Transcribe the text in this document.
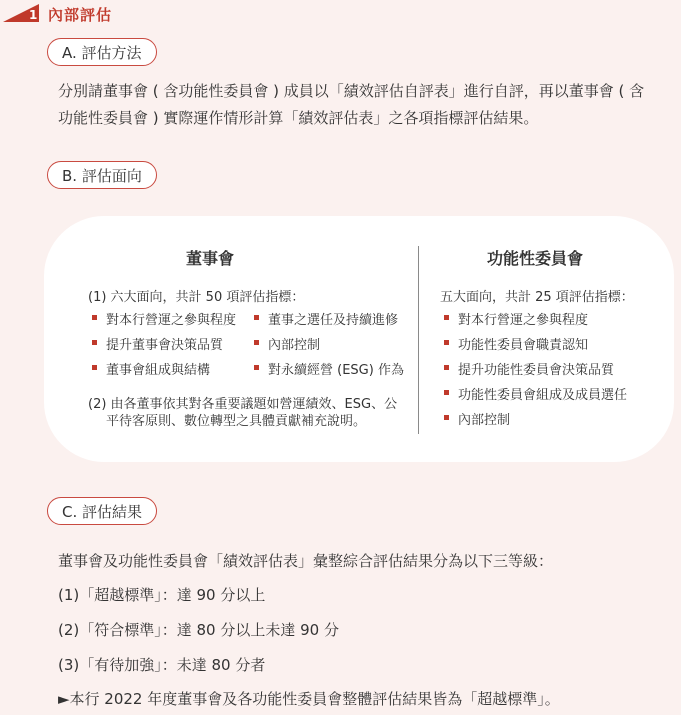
1 內部評估
A. 評估方法
分別請董事會 ( 含功能性委員會 ) 成員以「績效評估自評表」進行自評，再以董事會 ( 含
功能性委員會 ) 實際運作情形計算「績效評估表」之各項指標評估結果。
B. 評估面向
董事會
(1) 六大面向，共計 50 項評估指標：
對本行營運之參與程度
提升董事會決策品質
董事會組成與結構
董事之選任及持續進修
內部控制
對永續經營 (ESG) 作為
(2) 由各董事依其對各重要議題如營運績效、ESG、公
平待客原則、數位轉型之具體貢獻補充說明。
功能性委員會
五大面向，共計 25 項評估指標：
對本行營運之參與程度
功能性委員會職責認知
提升功能性委員會決策品質
功能性委員會組成及成員選任
內部控制
C. 評估結果
董事會及功能性委員會「績效評估表」彙整綜合評估結果分為以下三等級：
(1)「超越標準」：達 90 分以上
(2)「符合標準」：達 80 分以上未達 90 分
(3)「有待加強」：未達 80 分者
►本行 2022 年度董事會及各功能性委員會整體評估結果皆為「超越標準」。
